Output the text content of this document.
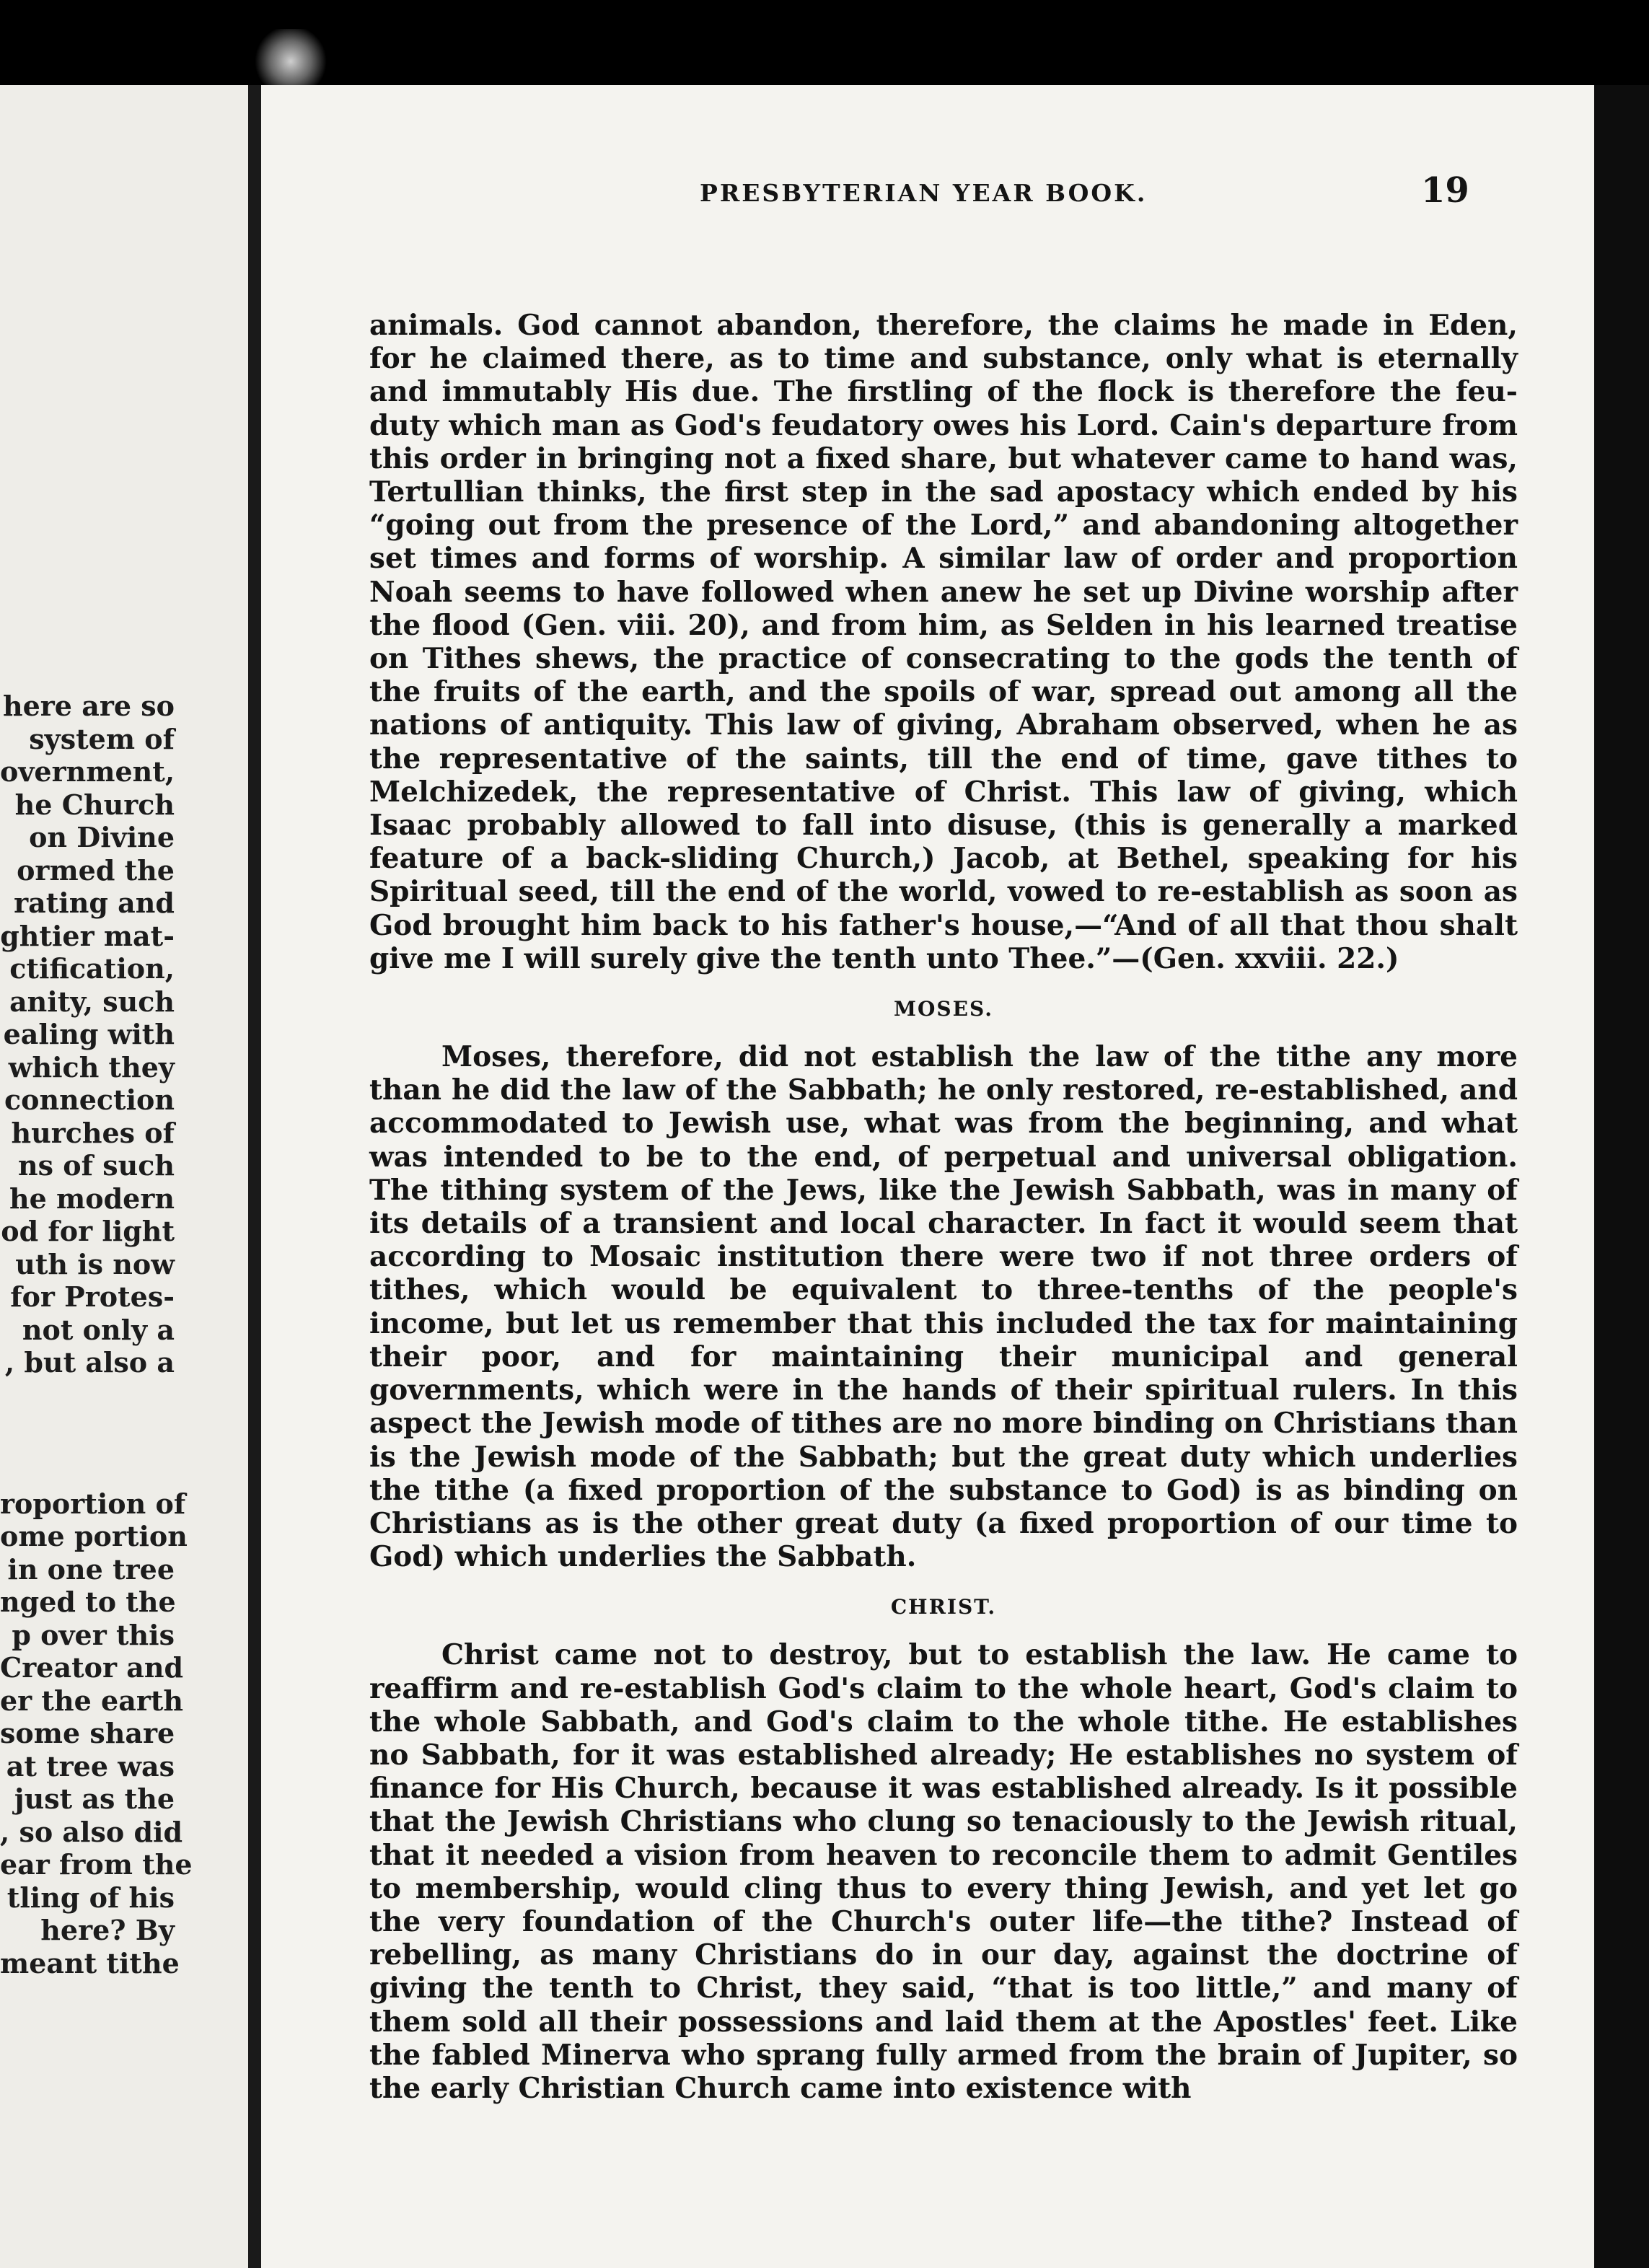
here are so
system of
overnment,
he Church
on Divine
ormed the
rating and
ghtier mat-
ctification,
anity, such
ealing with
which they
connection
hurches of
ns of such
he modern
od for light
uth is now
for Protes-
not only a
, but also a
roportion of
ome portion
in one tree
nged to the
p over this
Creator and
er the earth
some share
at tree was
just as the
, so also did
ear from the
tling of his
here? By
meant tithe
PRESBYTERIAN YEAR BOOK.	19

animals. God cannot abandon, therefore, the claims he made in Eden, for he claimed there, as to time and substance, only what is eternally and immutably His due. The firstling of the flock is therefore the feu-duty which man as God's feudatory owes his Lord. Cain's departure from this order in bringing not a fixed share, but whatever came to hand was, Tertullian thinks, the first step in the sad apostacy which ended by his “going out from the presence of the Lord,” and abandoning altogether set times and forms of worship. A similar law of order and proportion Noah seems to have followed when anew he set up Divine worship after the flood (Gen. viii. 20), and from him, as Selden in his learned treatise on Tithes shews, the practice of consecrating to the gods the tenth of the fruits of the earth, and the spoils of war, spread out among all the nations of antiquity. This law of giving, Abraham observed, when he as the representative of the saints, till the end of time, gave tithes to Melchizedek, the representative of Christ. This law of giving, which Isaac probably allowed to fall into disuse, (this is generally a marked feature of a back-sliding Church,) Jacob, at Bethel, speaking for his Spiritual seed, till the end of the world, vowed to re-establish as soon as God brought him back to his father's house,—“And of all that thou shalt give me I will surely give the tenth unto Thee.”—(Gen. xxviii. 22.)

MOSES.

Moses, therefore, did not establish the law of the tithe any more than he did the law of the Sabbath; he only restored, re-established, and accommodated to Jewish use, what was from the beginning, and what was intended to be to the end, of perpetual and universal obligation. The tithing system of the Jews, like the Jewish Sabbath, was in many of its details of a transient and local character. In fact it would seem that according to Mosaic institution there were two if not three orders of tithes, which would be equivalent to three-tenths of the people's income, but let us remember that this included the tax for maintaining their poor, and for maintaining their municipal and general governments, which were in the hands of their spiritual rulers. In this aspect the Jewish mode of tithes are no more binding on Christians than is the Jewish mode of the Sabbath; but the great duty which underlies the tithe (a fixed proportion of the substance to God) is as binding on Christians as is the other great duty (a fixed proportion of our time to God) which underlies the Sabbath.

CHRIST.

Christ came not to destroy, but to establish the law. He came to reaffirm and re-establish God's claim to the whole heart, God's claim to the whole Sabbath, and God's claim to the whole tithe. He establishes no Sabbath, for it was established already; He establishes no system of finance for His Church, because it was established already. Is it possible that the Jewish Christians who clung so tenaciously to the Jewish ritual, that it needed a vision from heaven to reconcile them to admit Gentiles to membership, would cling thus to every thing Jewish, and yet let go the very foundation of the Church's outer life—the tithe? Instead of rebelling, as many Christians do in our day, against the doctrine of giving the tenth to Christ, they said, “that is too little,” and many of them sold all their possessions and laid them at the Apostles' feet. Like the fabled Minerva who sprang fully armed from the brain of Jupiter, so the early Christian Church came into existence with
